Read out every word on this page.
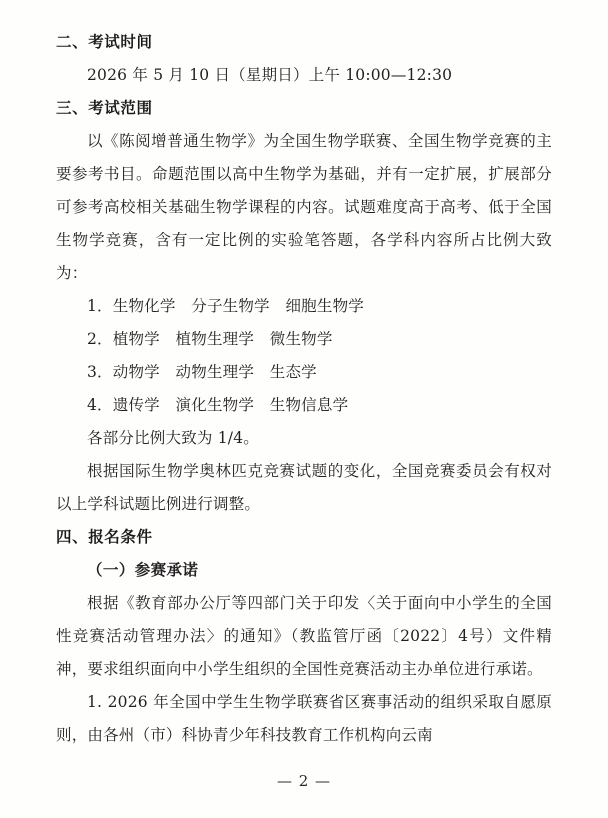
二、考试时间

2026 年 5 月 10 日（星期日）上午 10:00—12:30

三、考试范围

以《陈阅增普通生物学》为全国生物学联赛、全国生物学竞赛的主要参考书目。命题范围以高中生物学为基础，并有一定扩展，扩展部分可参考高校相关基础生物学课程的内容。试题难度高于高考、低于全国生物学竞赛，含有一定比例的实验笔答题，各学科内容所占比例大致为：

1．生物化学　分子生物学　细胞生物学

2．植物学　植物生理学　微生物学

3．动物学　动物生理学　生态学

4．遗传学　演化生物学　生物信息学

各部分比例大致为 1/4。

根据国际生物学奥林匹克竞赛试题的变化，全国竞赛委员会有权对以上学科试题比例进行调整。

四、报名条件
（一）参赛承诺

根据《教育部办公厅等四部门关于印发〈关于面向中小学生的全国性竞赛活动管理办法〉的通知》（教监管厅函〔2022〕4号）文件精神，要求组织面向中小学生组织的全国性竞赛活动主办单位进行承诺。

1. 2026 年全国中学生生物学联赛省区赛事活动的组织采取自愿原则，由各州（市）科协青少年科技教育工作机构向云南

— 2 —
